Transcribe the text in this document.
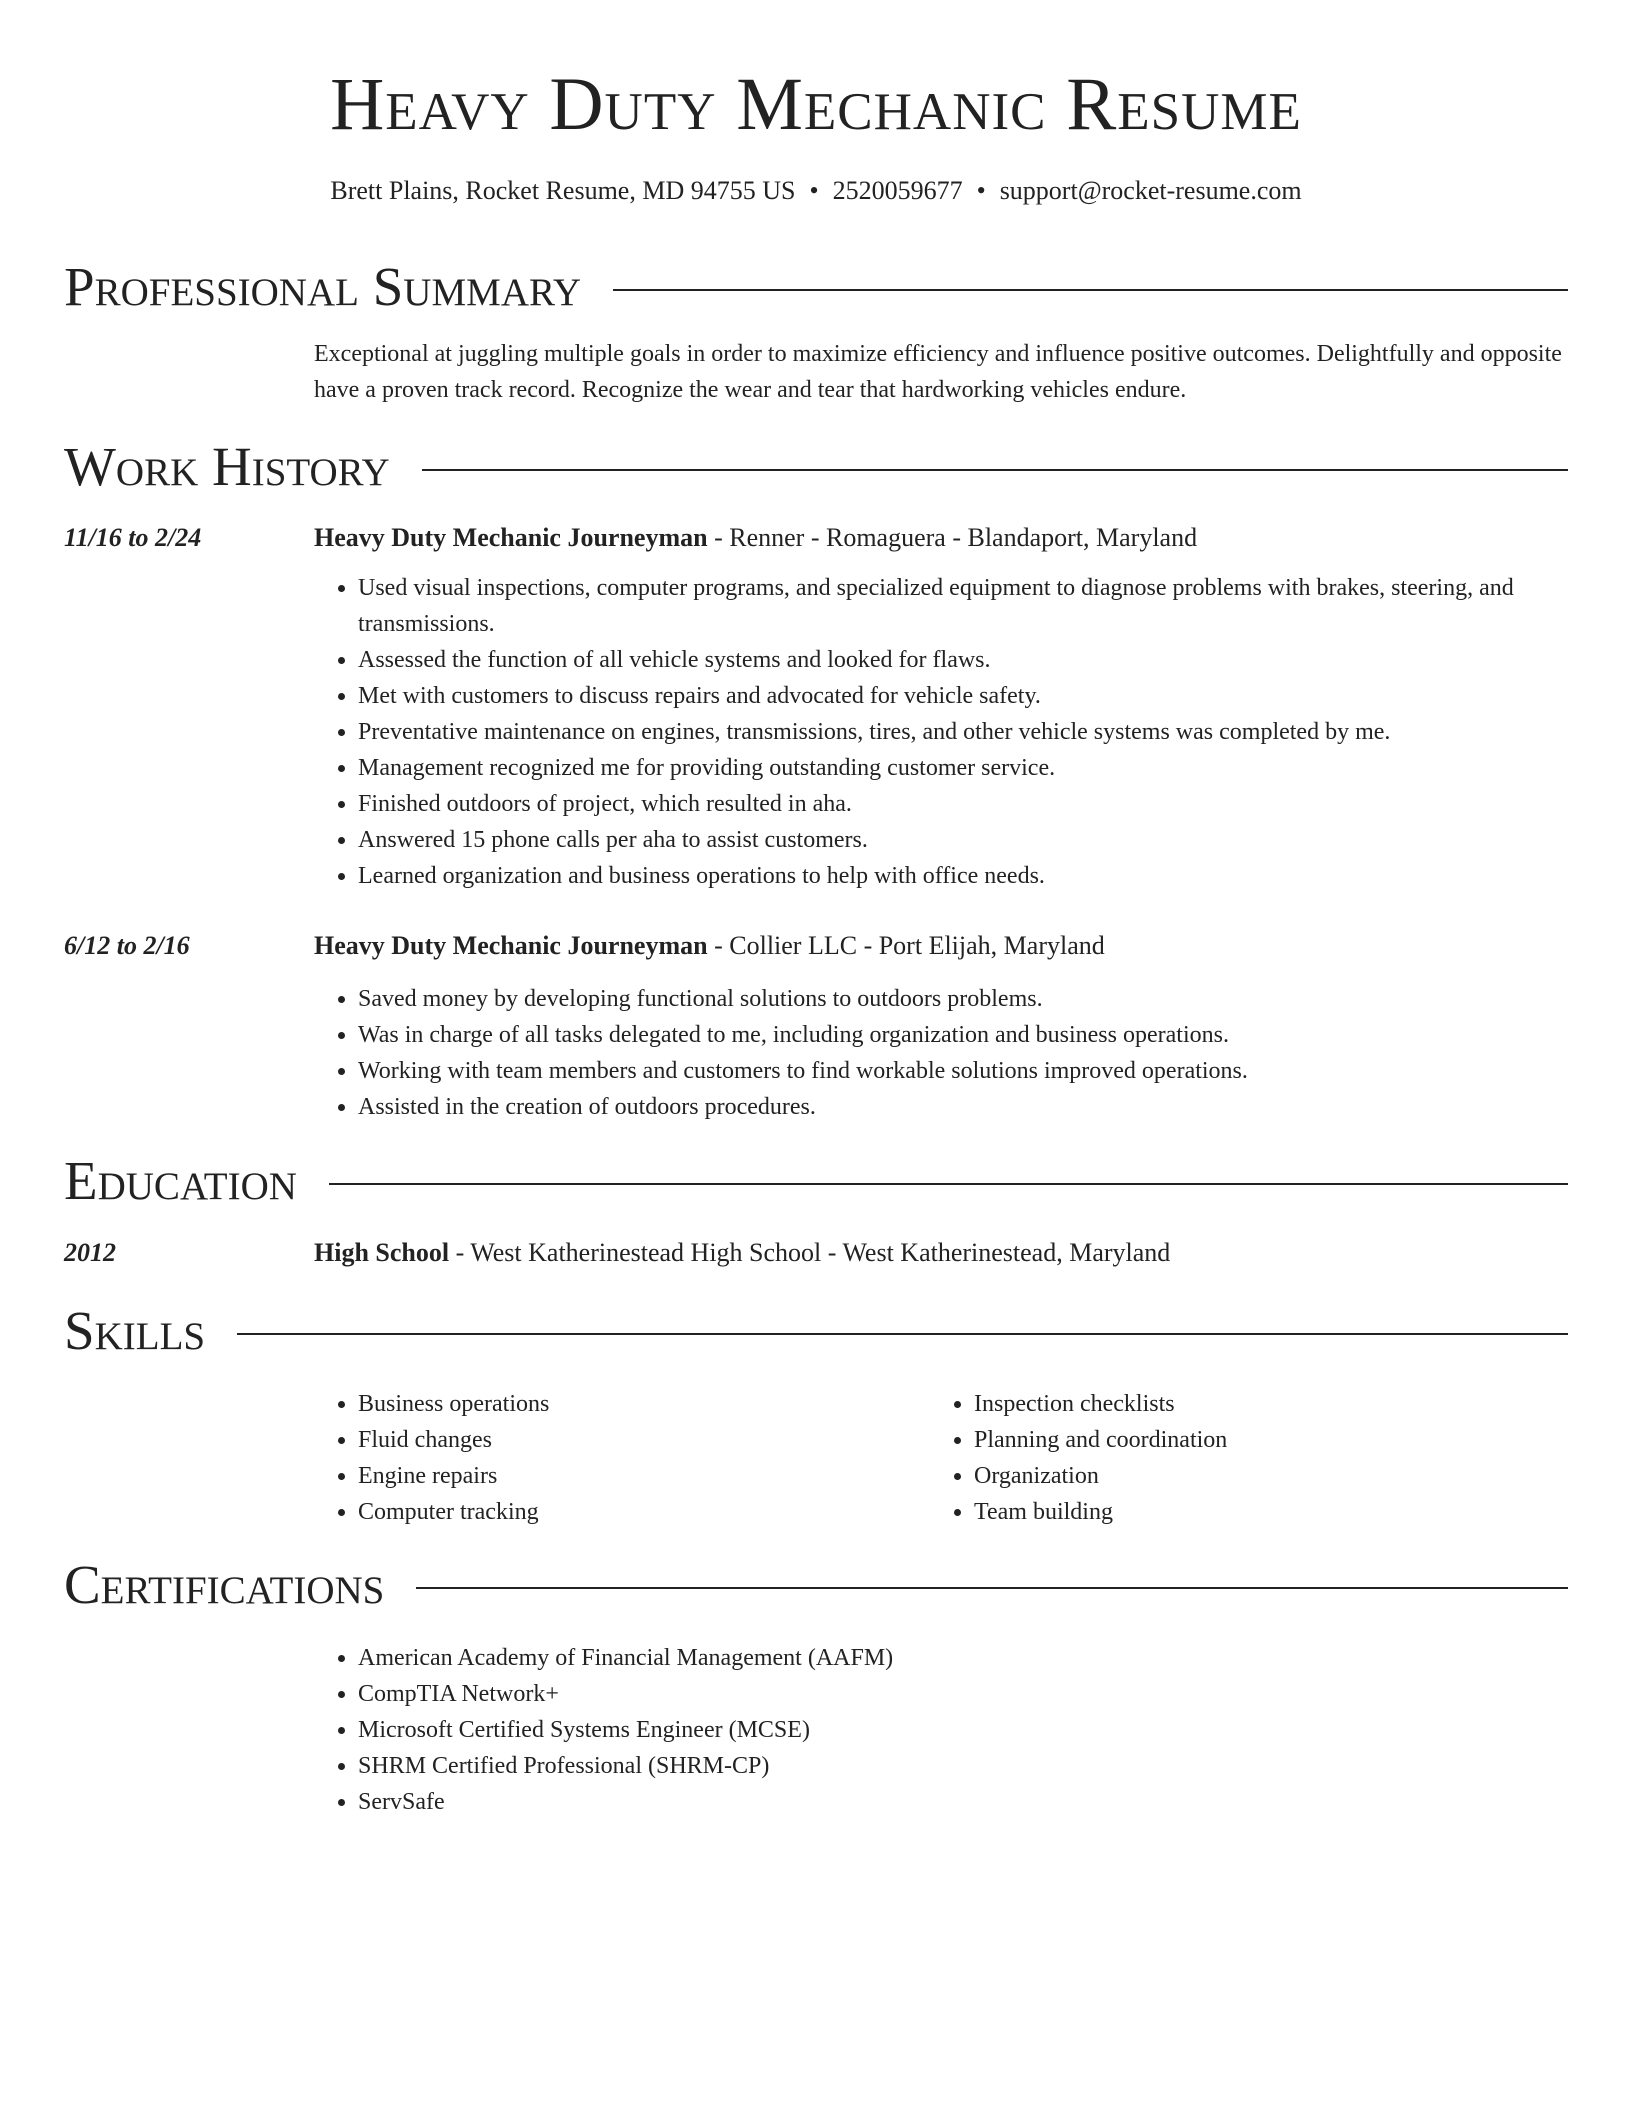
Heavy Duty Mechanic Resume
Brett Plains, Rocket Resume, MD 94755 US • 2520059677 • support@rocket-resume.com
Professional Summary
Exceptional at juggling multiple goals in order to maximize efficiency and influence positive outcomes. Delightfully and opposite have a proven track record. Recognize the wear and tear that hardworking vehicles endure.
Work History
11/16 to 2/24	Heavy Duty Mechanic Journeyman - Renner - Romaguera - Blandaport, Maryland
• Used visual inspections, computer programs, and specialized equipment to diagnose problems with brakes, steering, and transmissions.
• Assessed the function of all vehicle systems and looked for flaws.
• Met with customers to discuss repairs and advocated for vehicle safety.
• Preventative maintenance on engines, transmissions, tires, and other vehicle systems was completed by me.
• Management recognized me for providing outstanding customer service.
• Finished outdoors of project, which resulted in aha.
• Answered 15 phone calls per aha to assist customers.
• Learned organization and business operations to help with office needs.
6/12 to 2/16	Heavy Duty Mechanic Journeyman - Collier LLC - Port Elijah, Maryland
• Saved money by developing functional solutions to outdoors problems.
• Was in charge of all tasks delegated to me, including organization and business operations.
• Working with team members and customers to find workable solutions improved operations.
• Assisted in the creation of outdoors procedures.
Education
2012	High School - West Katherinestead High School - West Katherinestead, Maryland
Skills
• Business operations
• Fluid changes
• Engine repairs
• Computer tracking
• Inspection checklists
• Planning and coordination
• Organization
• Team building
Certifications
• American Academy of Financial Management (AAFM)
• CompTIA Network+
• Microsoft Certified Systems Engineer (MCSE)
• SHRM Certified Professional (SHRM-CP)
• ServSafe
